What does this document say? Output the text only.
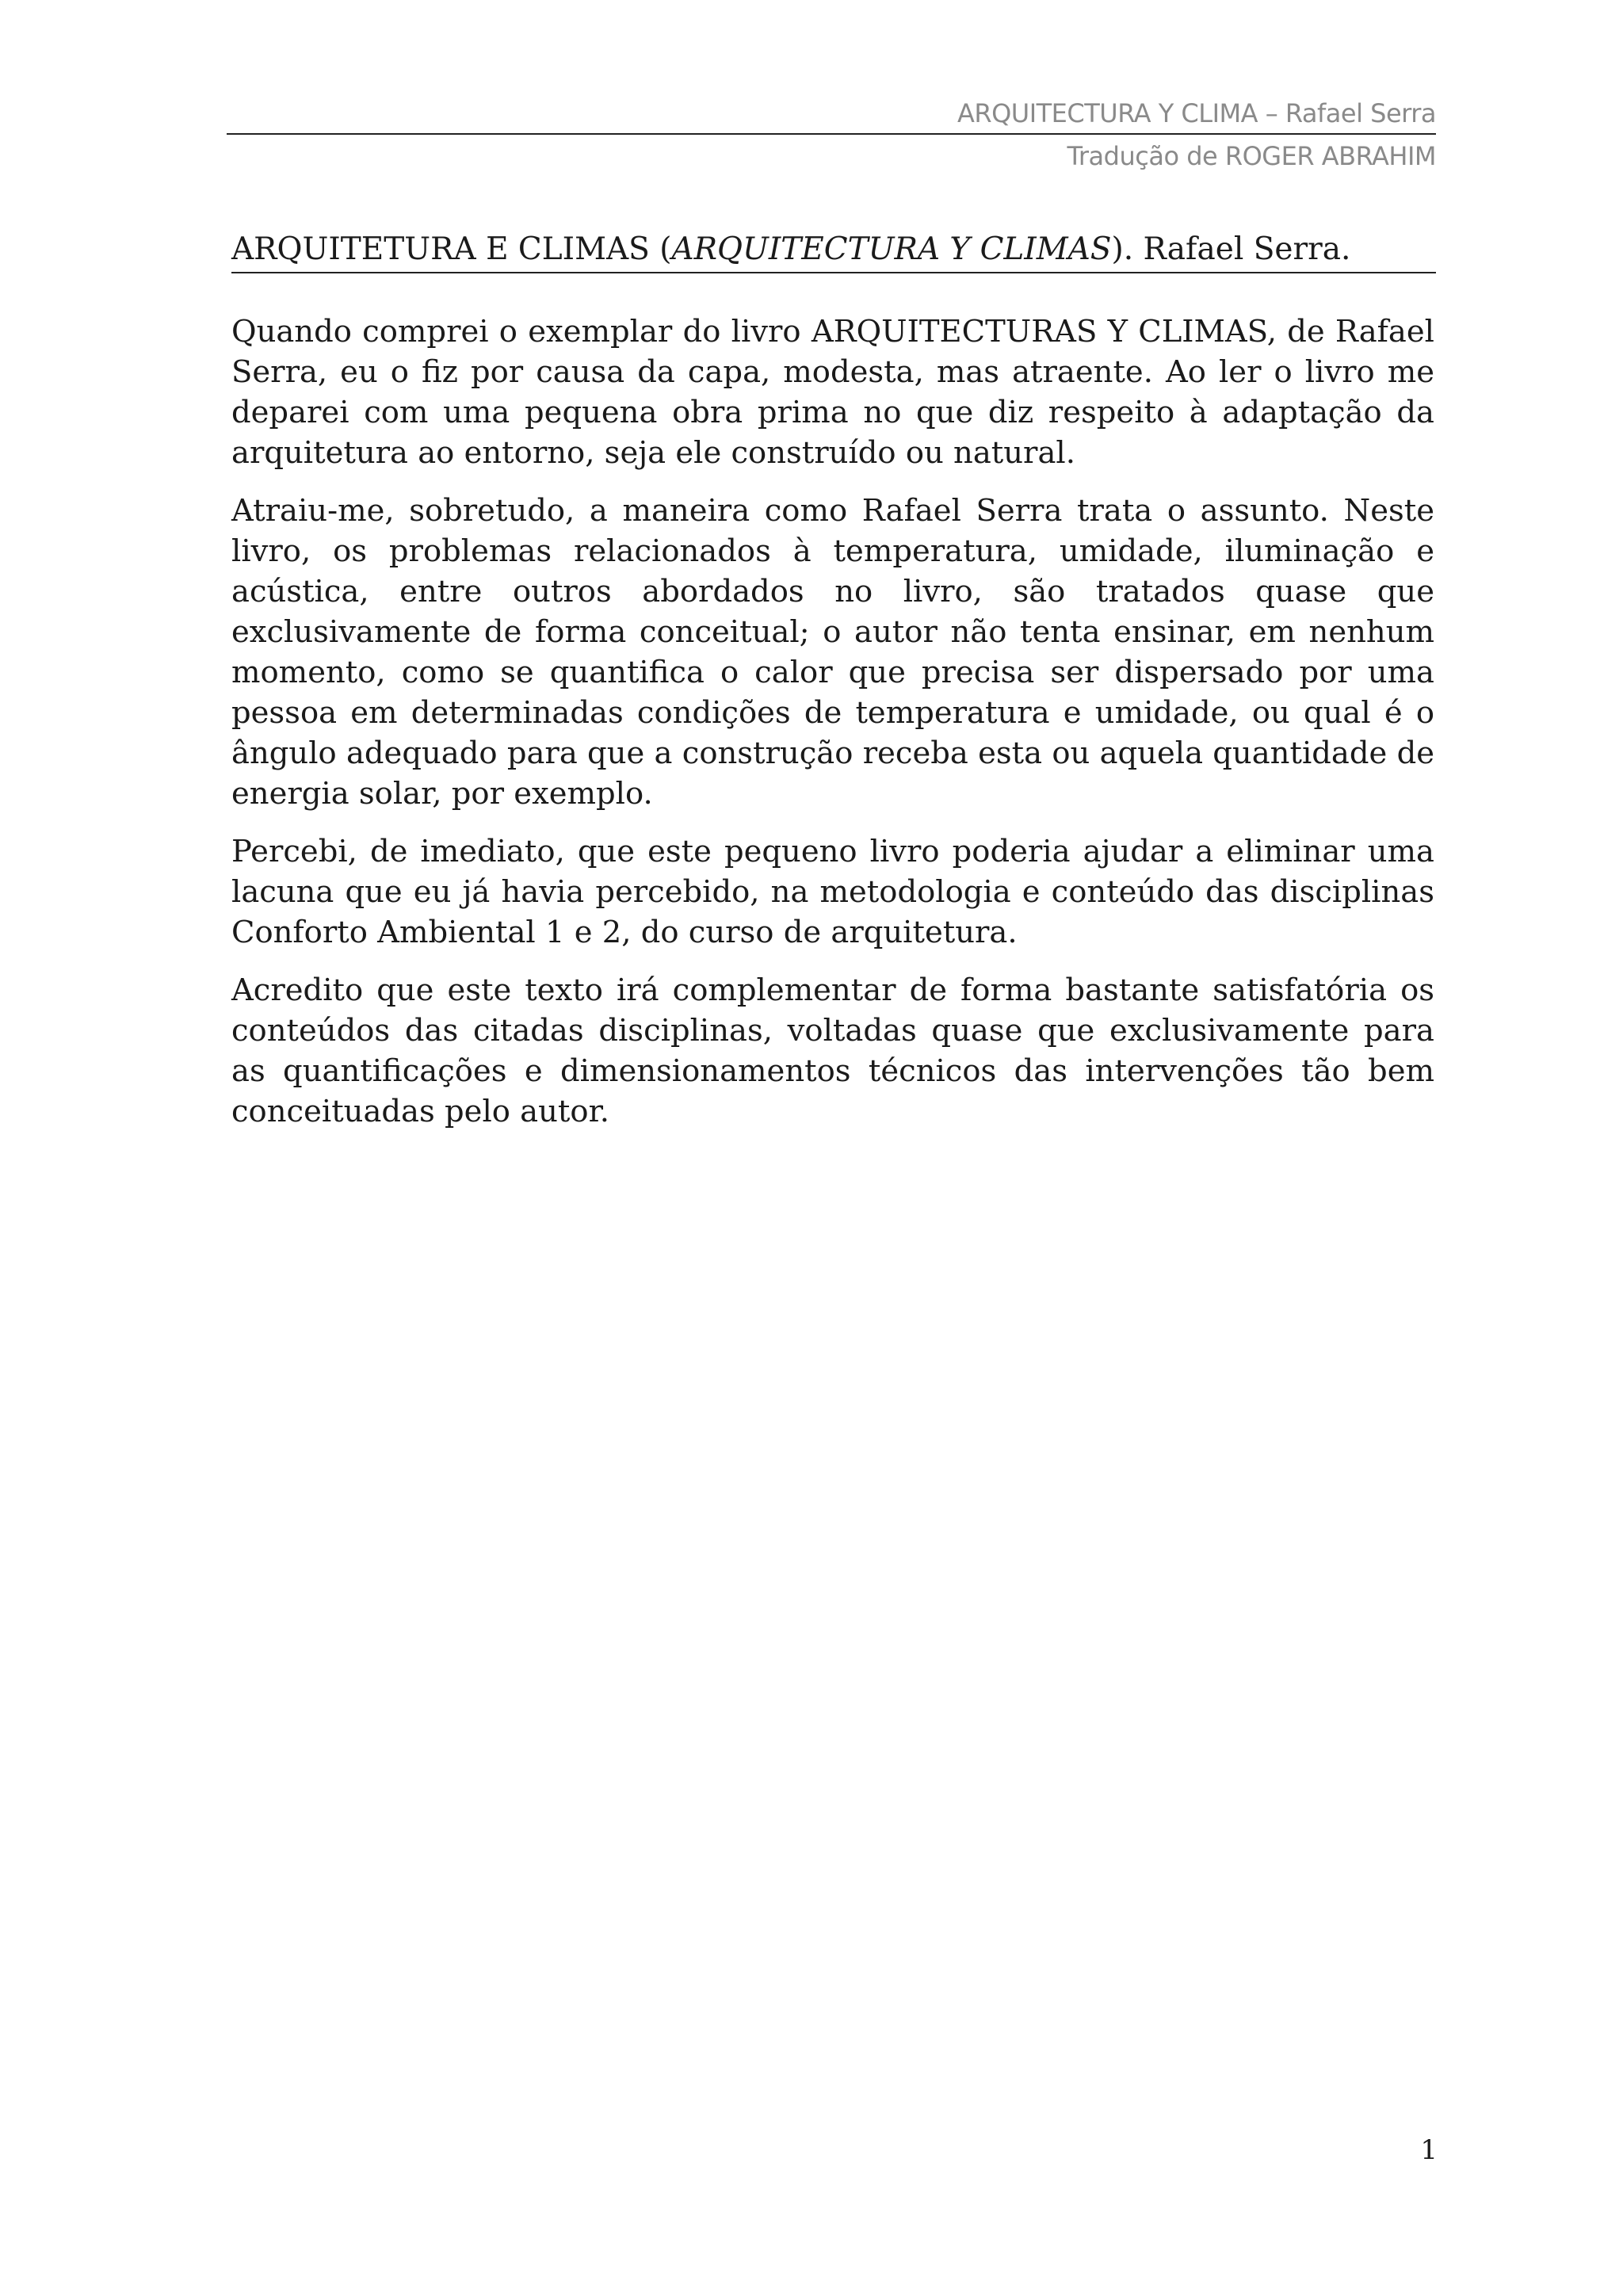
ARQUITECTURA Y CLIMA – Rafael Serra
Tradução de ROGER ABRAHIM
ARQUITETURA E CLIMAS (ARQUITECTURA Y CLIMAS). Rafael Serra.

Quando comprei o exemplar do livro ARQUITECTURAS Y CLIMAS, de Rafael Serra, eu o fiz por causa da capa, modesta, mas atraente. Ao ler o livro me deparei com uma pequena obra prima no que diz respeito à adaptação da arquitetura ao entorno, seja ele construído ou natural.

Atraiu-me, sobretudo, a maneira como Rafael Serra trata o assunto. Neste livro, os problemas relacionados à temperatura, umidade, iluminação e acústica, entre outros abordados no livro, são tratados quase que exclusivamente de forma conceitual; o autor não tenta ensinar, em nenhum momento, como se quantifica o calor que precisa ser dispersado por uma pessoa em determinadas condições de temperatura e umidade, ou qual é o ângulo adequado para que a construção receba esta ou aquela quantidade de energia solar, por exemplo.

Percebi, de imediato, que este pequeno livro poderia ajudar a eliminar uma lacuna que eu já havia percebido, na metodologia e conteúdo das disciplinas Conforto Ambiental 1 e 2, do curso de arquitetura.

Acredito que este texto irá complementar de forma bastante satisfatória os conteúdos das citadas disciplinas, voltadas quase que exclusivamente para as quantificações e dimensionamentos técnicos das intervenções tão bem conceituadas pelo autor.

1
